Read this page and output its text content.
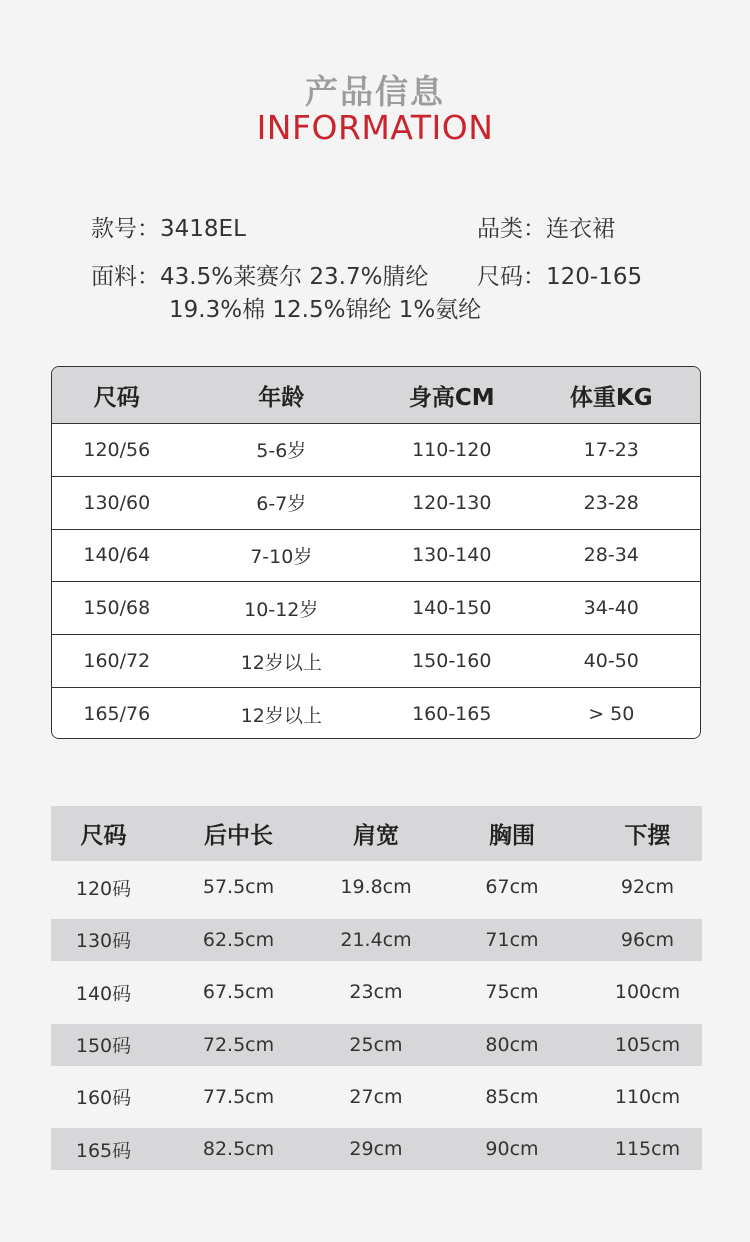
产品信息
INFORMATION
款号：3418EL	品类：连衣裙
面料：43.5%莱赛尔 23.7%腈纶
19.3%棉 12.5%锦纶 1%氨纶
尺码：120-165
尺码	年龄	身高CM	体重KG
120/56	5-6岁	110-120	17-23
130/60	6-7岁	120-130	23-28
140/64	7-10岁	130-140	28-34
150/68	10-12岁	140-150	34-40
160/72	12岁以上	150-160	40-50
165/76	12岁以上	160-165	> 50
尺码	后中长	肩宽	胸围	下摆
120码	57.5cm	19.8cm	67cm	92cm
130码	62.5cm	21.4cm	71cm	96cm
140码	67.5cm	23cm	75cm	100cm
150码	72.5cm	25cm	80cm	105cm
160码	77.5cm	27cm	85cm	110cm
165码	82.5cm	29cm	90cm	115cm
